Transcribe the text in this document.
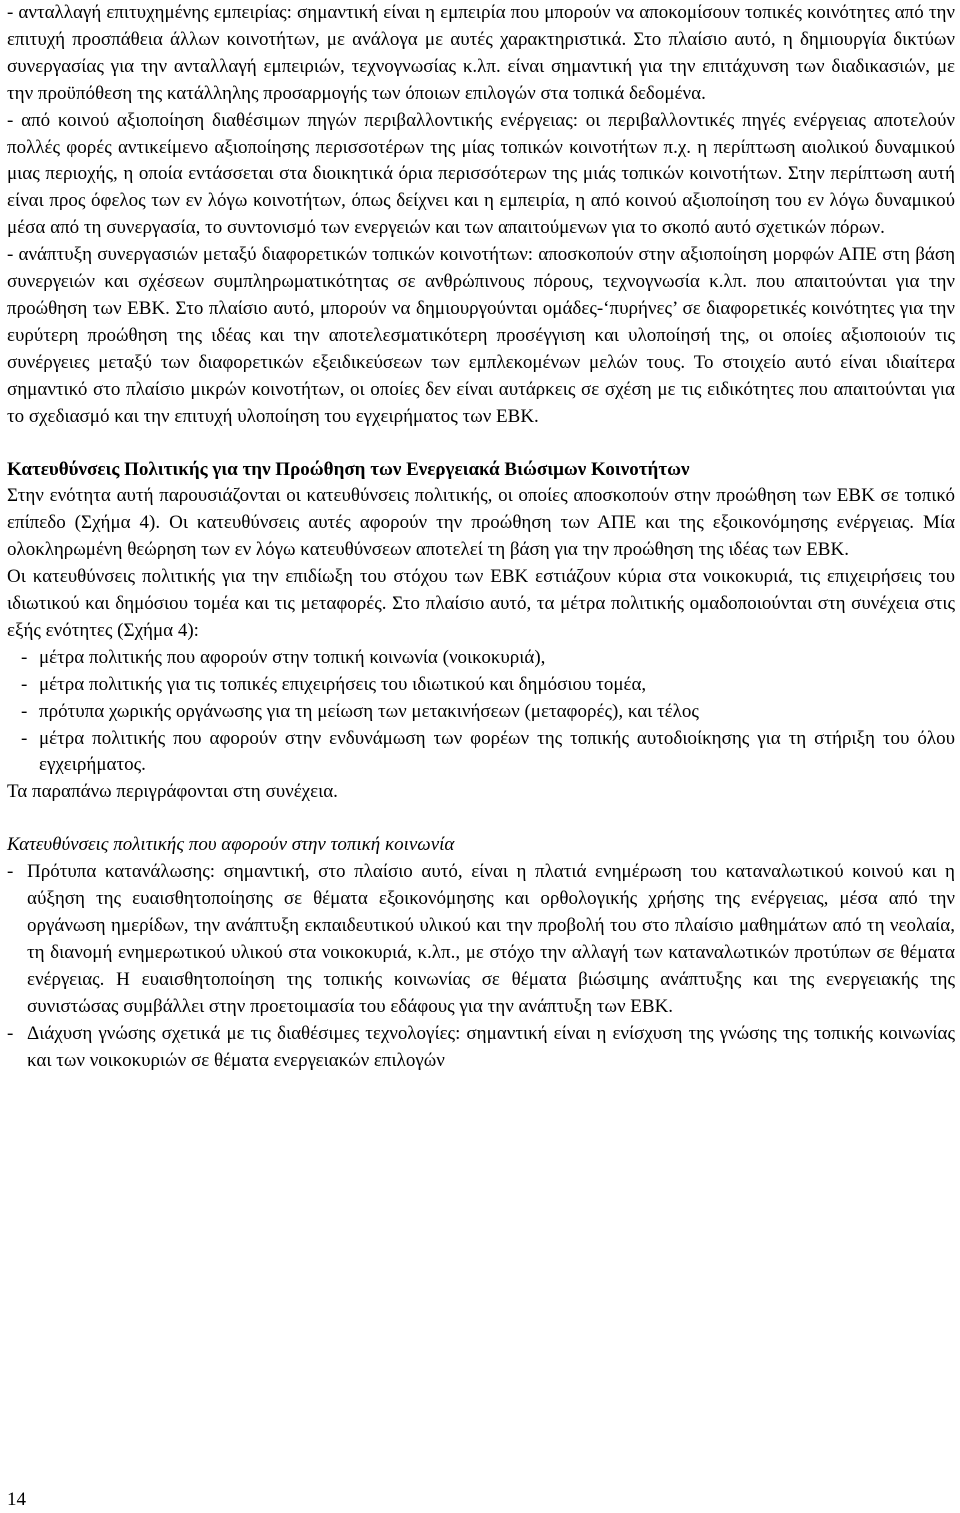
- ανταλλαγή επιτυχημένης εμπειρίας: σημαντική είναι η εμπειρία που μπορούν να αποκομίσουν τοπικές κοινότητες από την επιτυχή προσπάθεια άλλων κοινοτήτων, με ανάλογα με αυτές χαρακτηριστικά. Στο πλαίσιο αυτό, η δημιουργία δικτύων συνεργασίας για την ανταλλαγή εμπειριών, τεχνογνωσίας κ.λπ. είναι σημαντική για την επιτάχυνση των διαδικασιών, με την προϋπόθεση της κατάλληλης προσαρμογής των όποιων επιλογών στα τοπικά δεδομένα.
- από κοινού αξιοποίηση διαθέσιμων πηγών περιβαλλοντικής ενέργειας: οι περιβαλλοντικές πηγές ενέργειας αποτελούν πολλές φορές αντικείμενο αξιοποίησης περισσοτέρων της μίας τοπικών κοινοτήτων π.χ. η περίπτωση αιολικού δυναμικού μιας περιοχής, η οποία εντάσσεται στα διοικητικά όρια περισσότερων της μιάς τοπικών κοινοτήτων. Στην περίπτωση αυτή είναι προς όφελος των εν λόγω κοινοτήτων, όπως δείχνει και η εμπειρία, η από κοινού αξιοποίηση του εν λόγω δυναμικού μέσα από τη συνεργασία, το συντονισμό των ενεργειών και των απαιτούμενων για το σκοπό αυτό σχετικών πόρων.
- ανάπτυξη συνεργασιών μεταξύ διαφορετικών τοπικών κοινοτήτων: αποσκοπούν στην αξιοποίηση μορφών ΑΠΕ στη βάση συνεργειών και σχέσεων συμπληρωματικότητας σε ανθρώπινους πόρους, τεχνογνωσία κ.λπ. που απαιτούνται για την προώθηση των ΕΒΚ. Στο πλαίσιο αυτό, μπορούν να δημιουργούνται ομάδες-‘πυρήνες’ σε διαφορετικές κοινότητες για την ευρύτερη προώθηση της ιδέας και την αποτελεσματικότερη προσέγγιση και υλοποίησή της, οι οποίες αξιοποιούν τις συνέργειες μεταξύ των διαφορετικών εξειδικεύσεων των εμπλεκομένων μελών τους. Το στοιχείο αυτό είναι ιδιαίτερα σημαντικό στο πλαίσιο μικρών κοινοτήτων, οι οποίες δεν είναι αυτάρκεις σε σχέση με τις ειδικότητες που απαιτούνται για το σχεδιασμό και την επιτυχή υλοποίηση του εγχειρήματος των ΕΒΚ.
Κατευθύνσεις Πολιτικής για την Προώθηση των Ενεργειακά Βιώσιμων Κοινοτήτων
Στην ενότητα αυτή παρουσιάζονται οι κατευθύνσεις πολιτικής, οι οποίες αποσκοπούν στην προώθηση των ΕΒΚ σε τοπικό επίπεδο (Σχήμα 4). Οι κατευθύνσεις αυτές αφορούν την προώθηση των ΑΠΕ και της εξοικονόμησης ενέργειας. Μία ολοκληρωμένη θεώρηση των εν λόγω κατευθύνσεων αποτελεί τη βάση για την προώθηση της ιδέας των ΕΒΚ.
Οι κατευθύνσεις πολιτικής για την επιδίωξη του στόχου των ΕΒΚ εστιάζουν κύρια στα νοικοκυριά, τις επιχειρήσεις του ιδιωτικού και δημόσιου τομέα και τις μεταφορές. Στο πλαίσιο αυτό, τα μέτρα πολιτικής ομαδοποιούνται στη συνέχεια στις εξής ενότητες (Σχήμα 4):
- μέτρα πολιτικής που αφορούν στην τοπική κοινωνία (νοικοκυριά),
- μέτρα πολιτικής για τις τοπικές επιχειρήσεις του ιδιωτικού και δημόσιου τομέα,
- πρότυπα χωρικής οργάνωσης για τη μείωση των μετακινήσεων (μεταφορές), και τέλος
- μέτρα πολιτικής που αφορούν στην ενδυνάμωση των φορέων της τοπικής αυτοδιοίκησης για τη στήριξη του όλου εγχειρήματος.
Τα παραπάνω περιγράφονται στη συνέχεια.
Κατευθύνσεις πολιτικής που αφορούν στην τοπική κοινωνία
- Πρότυπα κατανάλωσης: σημαντική, στο πλαίσιο αυτό, είναι η πλατιά ενημέρωση του καταναλωτικού κοινού και η αύξηση της ευαισθητοποίησης σε θέματα εξοικονόμησης και ορθολογικής χρήσης της ενέργειας, μέσα από την οργάνωση ημερίδων, την ανάπτυξη εκπαιδευτικού υλικού και την προβολή του στο πλαίσιο μαθημάτων από τη νεολαία, τη διανομή ενημερωτικού υλικού στα νοικοκυριά, κ.λπ., με στόχο την αλλαγή των καταναλωτικών προτύπων σε θέματα ενέργειας. Η ευαισθητοποίηση της τοπικής κοινωνίας σε θέματα βιώσιμης ανάπτυξης και της ενεργειακής της συνιστώσας συμβάλλει στην προετοιμασία του εδάφους για την ανάπτυξη των ΕΒΚ.
- Διάχυση γνώσης σχετικά με τις διαθέσιμες τεχνολογίες: σημαντική είναι η ενίσχυση της γνώσης της τοπικής κοινωνίας και των νοικοκυριών σε θέματα ενεργειακών επιλογών
14
